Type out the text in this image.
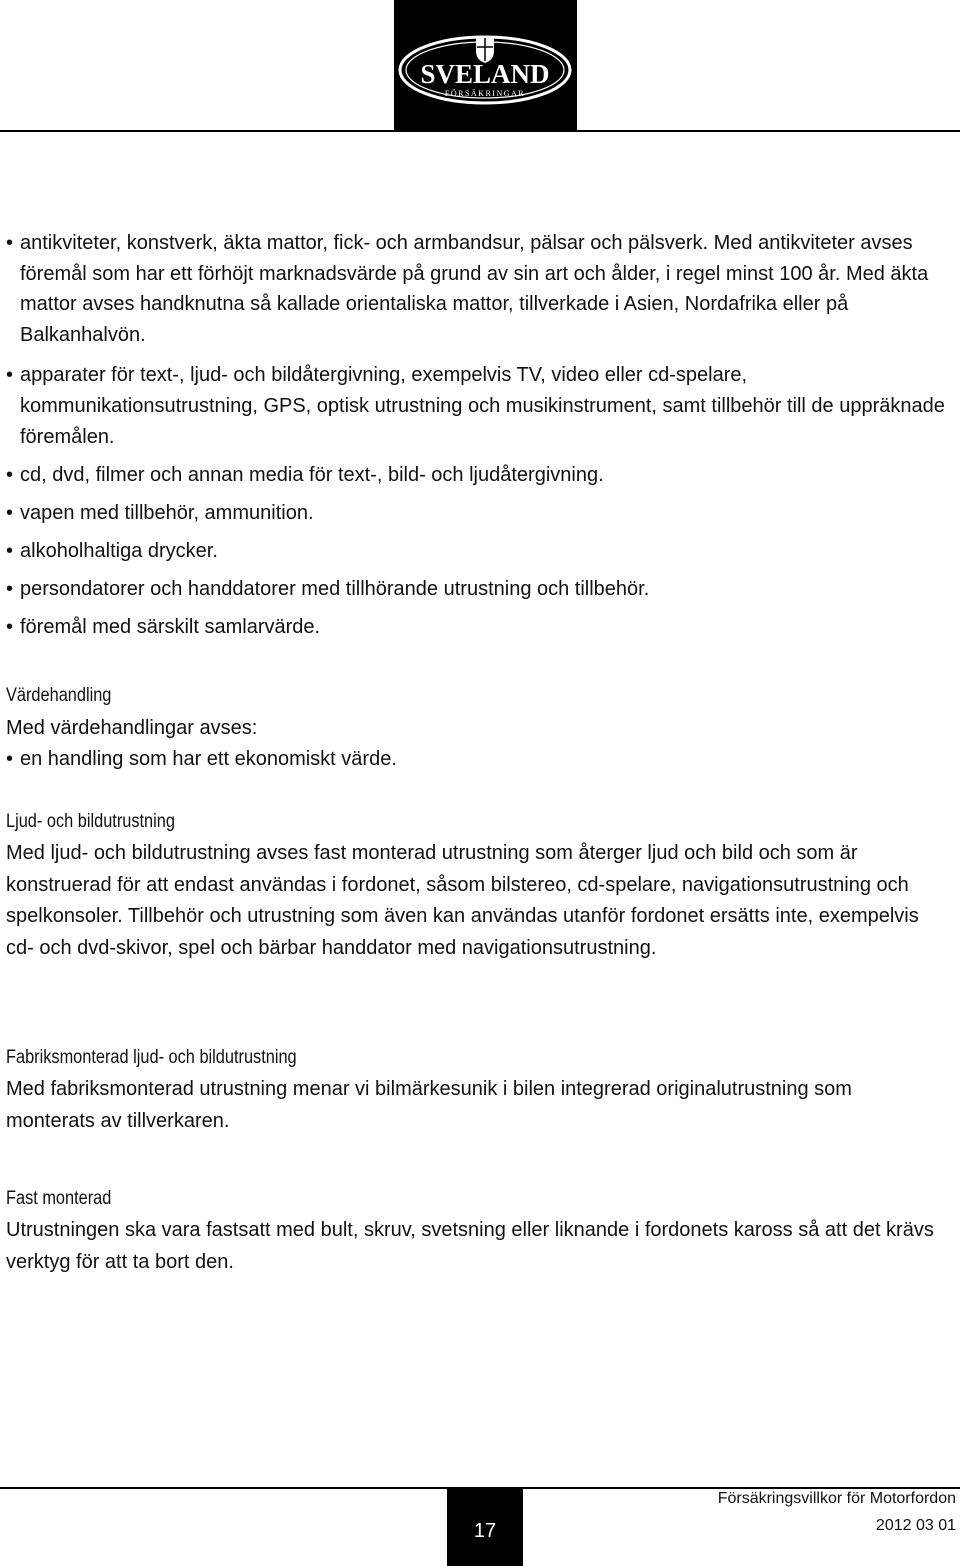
SVELAND
FÖRSÄKRINGAR
• antikviteter, konstverk, äkta mattor, fick- och armbandsur, pälsar och pälsverk. Med antikviteter avses föremål som har ett förhöjt marknadsvärde på grund av sin art och ålder, i regel minst 100 år. Med äkta mattor avses handknutna så kallade orientaliska mattor, tillverkade i Asien, Nordafrika eller på Balkanhalvön.
• apparater för text-, ljud- och bildåtergivning, exempelvis TV, video eller cd-spelare, kommunikationsutrustning, GPS, optisk utrustning och musikinstrument, samt tillbehör till de uppräknade föremålen.
• cd, dvd, filmer och annan media för text-, bild- och ljudåtergivning.
• vapen med tillbehör, ammunition.
• alkoholhaltiga drycker.
• persondatorer och handdatorer med tillhörande utrustning och tillbehör.
• föremål med särskilt samlarvärde.
Värdehandling
Med värdehandlingar avses:
• en handling som har ett ekonomiskt värde.
Ljud- och bildutrustning
Med ljud- och bildutrustning avses fast monterad utrustning som återger ljud och bild och som är konstruerad för att endast användas i fordonet, såsom bilstereo, cd-spelare, navigationsutrustning och spelkonsoler. Tillbehör och utrustning som även kan användas utanför fordonet ersätts inte, exempelvis cd- och dvd-skivor, spel och bärbar handdator med navigationsutrustning.
Fabriksmonterad ljud- och bildutrustning
Med fabriksmonterad utrustning menar vi bilmärkesunik i bilen integrerad originalutrustning som monterats av tillverkaren.
Fast monterad
Utrustningen ska vara fastsatt med bult, skruv, svetsning eller liknande i fordonets kaross så att det krävs verktyg för att ta bort den.
17
Försäkringsvillkor för Motorfordon
2012 03 01
